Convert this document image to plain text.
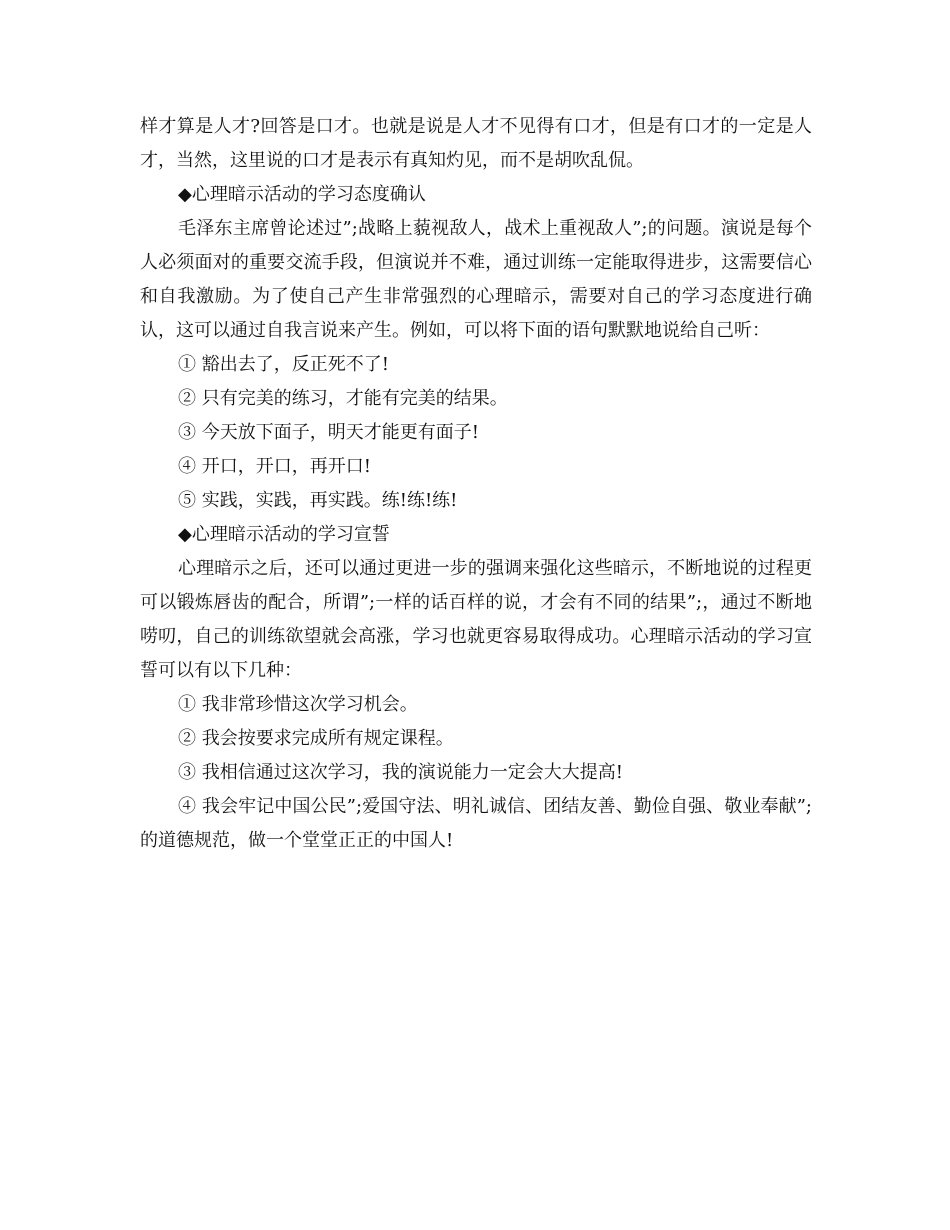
样才算是人才?回答是口才。也就是说是人才不见得有口才，但是有口才的一定是人才，当然，这里说的口才是表示有真知灼见，而不是胡吹乱侃。

◆心理暗示活动的学习态度确认

毛泽东主席曾论述过”;战略上藐视敌人，战术上重视敌人”;的问题。演说是每个人必须面对的重要交流手段，但演说并不难，通过训练一定能取得进步，这需要信心和自我激励。为了使自己产生非常强烈的心理暗示，需要对自己的学习态度进行确认，这可以通过自我言说来产生。例如，可以将下面的语句默默地说给自己听：

① 豁出去了，反正死不了!

② 只有完美的练习，才能有完美的结果。

③ 今天放下面子，明天才能更有面子!

④ 开口，开口，再开口!

⑤ 实践，实践，再实践。练!练!练!

◆心理暗示活动的学习宣誓

心理暗示之后，还可以通过更进一步的强调来强化这些暗示，不断地说的过程更可以锻炼唇齿的配合，所谓”;一样的话百样的说，才会有不同的结果”;，通过不断地唠叨，自己的训练欲望就会高涨，学习也就更容易取得成功。心理暗示活动的学习宣誓可以有以下几种：

① 我非常珍惜这次学习机会。

② 我会按要求完成所有规定课程。

③ 我相信通过这次学习，我的演说能力一定会大大提高!

④ 我会牢记中国公民”;爱国守法、明礼诚信、团结友善、勤俭自强、敬业奉献”;的道德规范，做一个堂堂正正的中国人!
